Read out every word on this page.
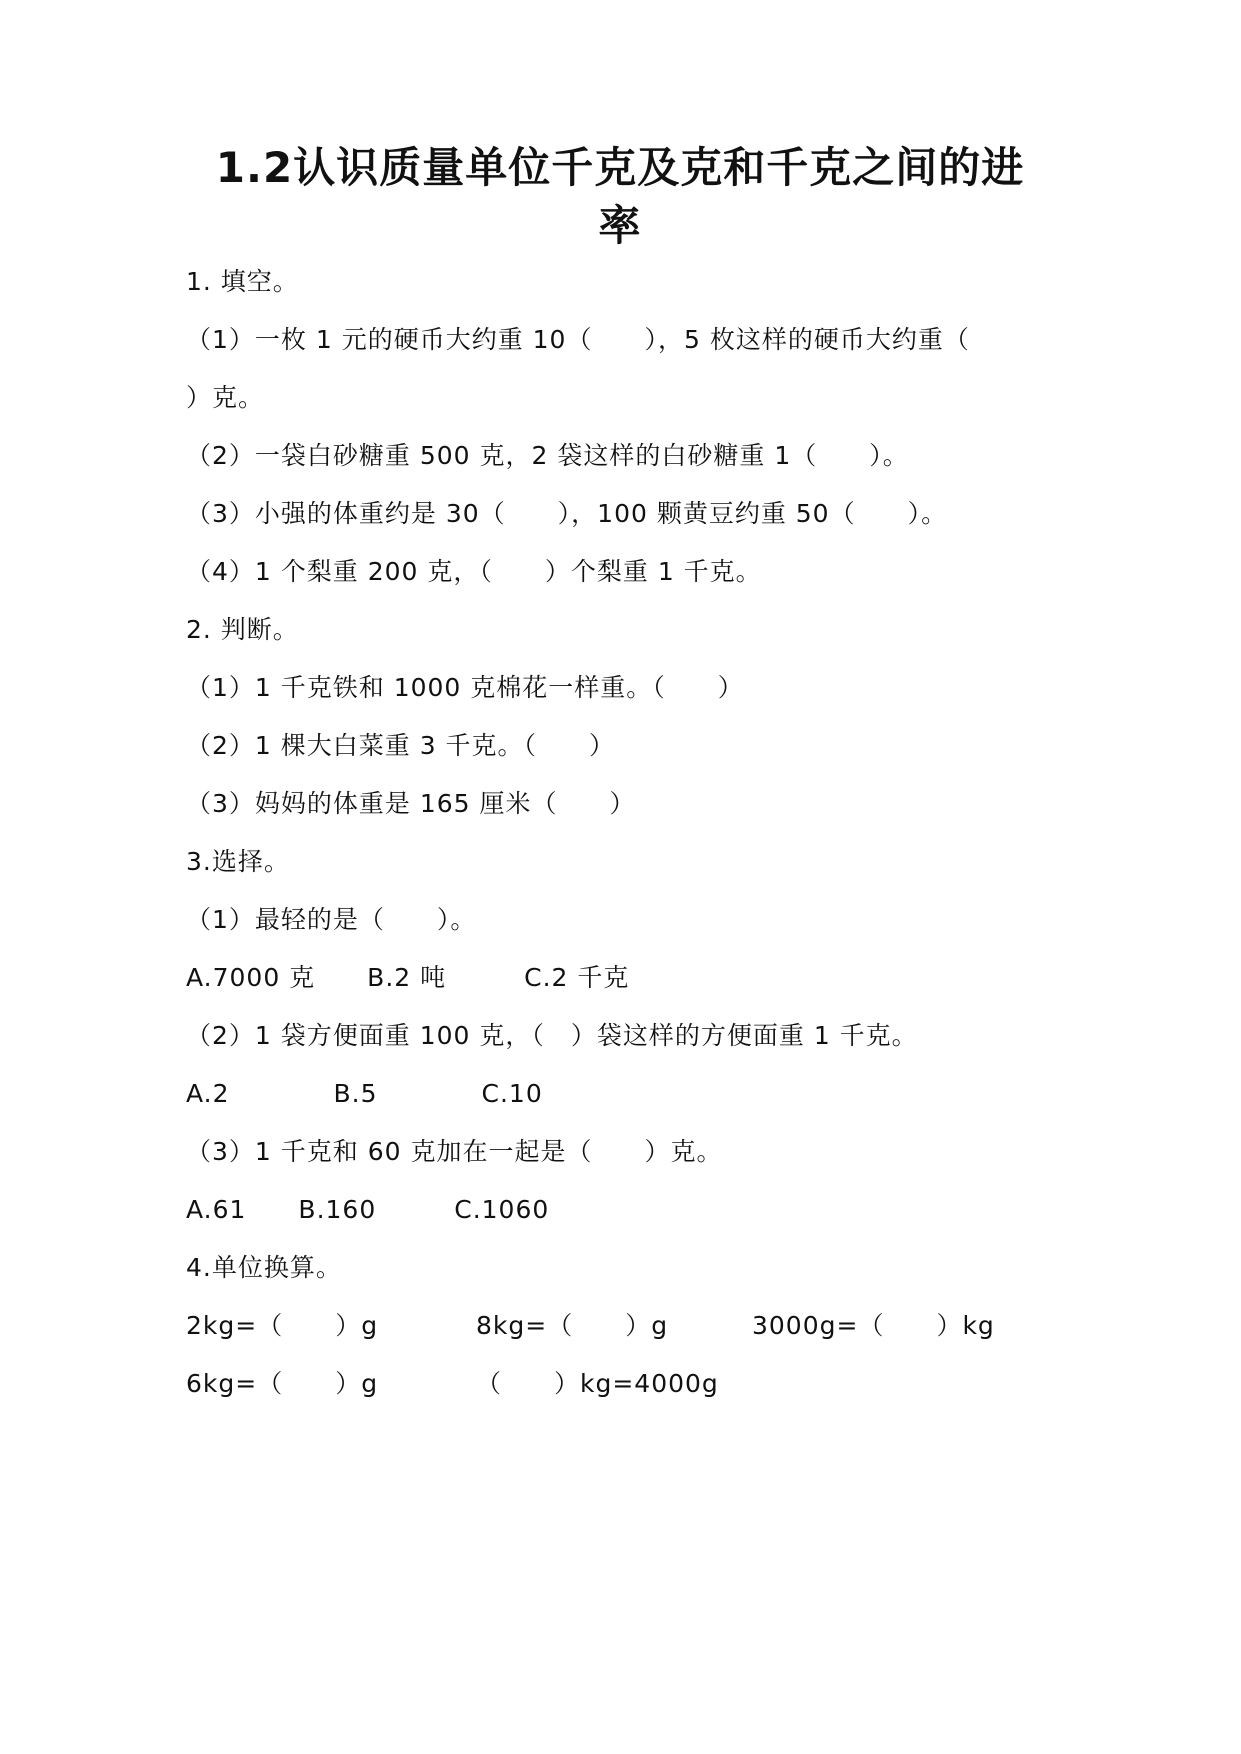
1.2认识质量单位千克及克和千克之间的进
率
1. 填空。
（1）一枚 1 元的硬币大约重 10（　　），5 枚这样的硬币大约重（
）克。
（2）一袋白砂糖重 500 克，2 袋这样的白砂糖重 1（　　）。
（3）小强的体重约是 30（　　），100 颗黄豆约重 50（　　）。
（4）1 个梨重 200 克，（　　）个梨重 1 千克。
2. 判断。
（1）1 千克铁和 1000 克棉花一样重。（　　）
（2）1 棵大白菜重 3 千克。（　　）
（3）妈妈的体重是 165 厘米（　　）
3.选择。
（1）最轻的是（　　）。
A.7000 克　　B.2 吨　　　C.2 千克
（2）1 袋方便面重 100 克，（　）袋这样的方便面重 1 千克。
A.2　　　　B.5　　　　C.10
（3）1 千克和 60 克加在一起是（　　）克。
A.61　　B.160　　　C.1060
4.单位换算。
2kg=（　　）g	8kg=（　　）g	3000g=（　　）kg
6kg=（　　）g	（　　）kg=4000g
